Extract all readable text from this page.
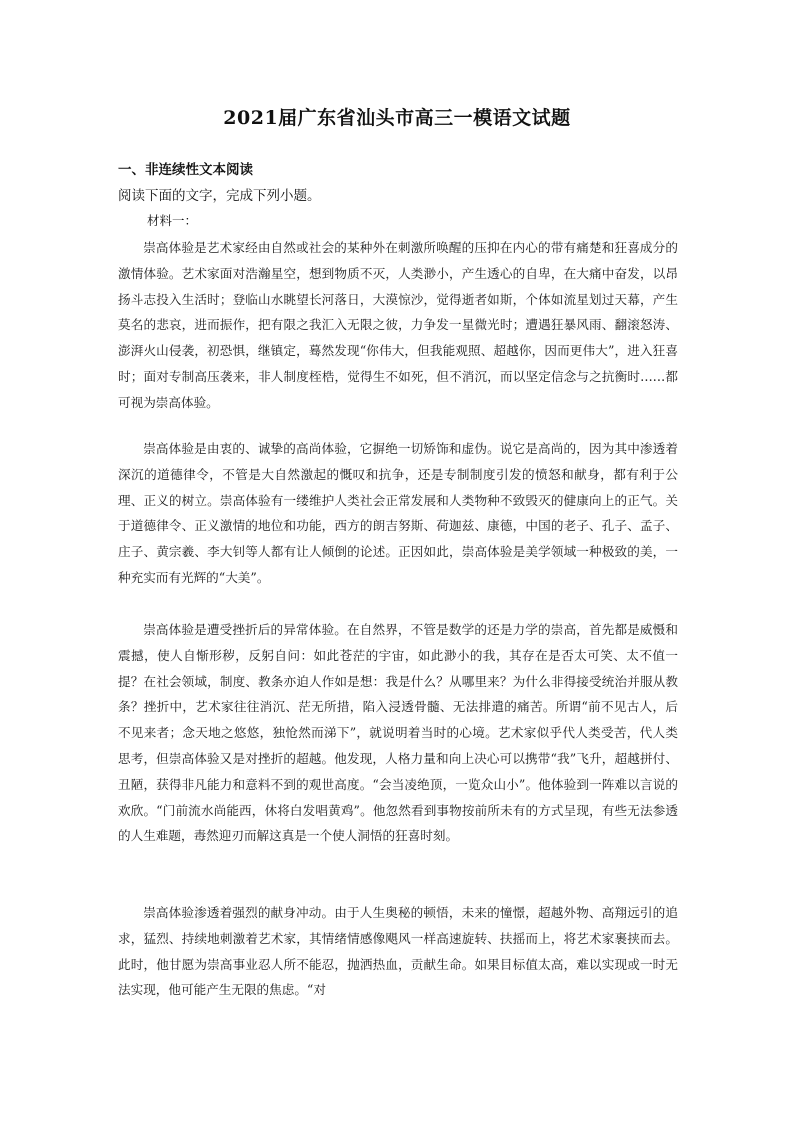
2021届广东省汕头市高三一模语文试题
一、非连续性文本阅读
阅读下面的文字，完成下列小题。
材料一：

崇高体验是艺术家经由自然或社会的某种外在刺激所唤醒的压抑在内心的带有痛楚和狂喜成分的激情体验。艺术家面对浩瀚星空，想到物质不灭，人类渺小，产生透心的自卑，在大痛中奋发，以昂扬斗志投入生活时；登临山水眺望长河落日，大漠惊沙，觉得逝者如斯，个体如流星划过天幕，产生莫名的悲哀，进而振作，把有限之我汇入无限之彼，力争发一星微光时；遭遇狂暴风雨、翻滚怒涛、澎湃火山侵袭，初恐惧，继镇定，蓦然发现“你伟大，但我能观照、超越你，因而更伟大”，进入狂喜时；面对专制高压袭来，非人制度桎梏，觉得生不如死，但不消沉，而以坚定信念与之抗衡时……都可视为崇高体验。

崇高体验是由衷的、诚挚的高尚体验，它摒绝一切矫饰和虚伪。说它是高尚的，因为其中渗透着深沉的道德律令，不管是大自然激起的慨叹和抗争，还是专制制度引发的愤怒和献身，都有利于公理、正义的树立。崇高体验有一缕维护人类社会正常发展和人类物种不致毁灭的健康向上的正气。关于道德律令、正义激情的地位和功能，西方的朗吉努斯、荷迦兹、康德，中国的老子、孔子、孟子、庄子、黄宗羲、李大钊等人都有让人倾倒的论述。正因如此，崇高体验是美学领域一种极致的美，一种充实而有光辉的“大美”。

崇高体验是遭受挫折后的异常体验。在自然界，不管是数学的还是力学的崇高，首先都是威慑和震撼，使人自惭形秽，反躬自问：如此苍茫的宇宙，如此渺小的我，其存在是否太可笑、太不值一提？在社会领域，制度、教条亦迫人作如是想：我是什么？从哪里来？为什么非得接受统治并服从教条？挫折中，艺术家往往消沉、茫无所措，陷入浸透骨髓、无法排遣的痛苦。所谓“前不见古人，后不见来者；念天地之悠悠，独怆然而涕下”，就说明着当时的心境。艺术家似乎代人类受苦，代人类思考，但崇高体验又是对挫折的超越。他发现，人格力量和向上决心可以携带“我”飞升，超越拼付、丑陋，获得非凡能力和意料不到的观世高度。“会当凌绝顶，一览众山小”。他体验到一阵难以言说的欢欣。“门前流水尚能西，休将白发唱黄鸡”。他忽然看到事物按前所未有的方式呈现，有些无法参透的人生难题，毒然迎刃而解这真是一个使人洞悟的狂喜时刻。

崇高体验渗透着强烈的献身冲动。由于人生奥秘的顿悟，未来的憧憬，超越外物、高翔远引的追求，猛烈、持续地刺激着艺术家，其情绪情感像飓风一样高速旋转、扶摇而上，将艺术家裹挟而去。此时，他甘愿为崇高事业忍人所不能忍，抛洒热血，贡献生命。如果目标值太高，难以实现或一时无法实现，他可能产生无限的焦虑。“对
